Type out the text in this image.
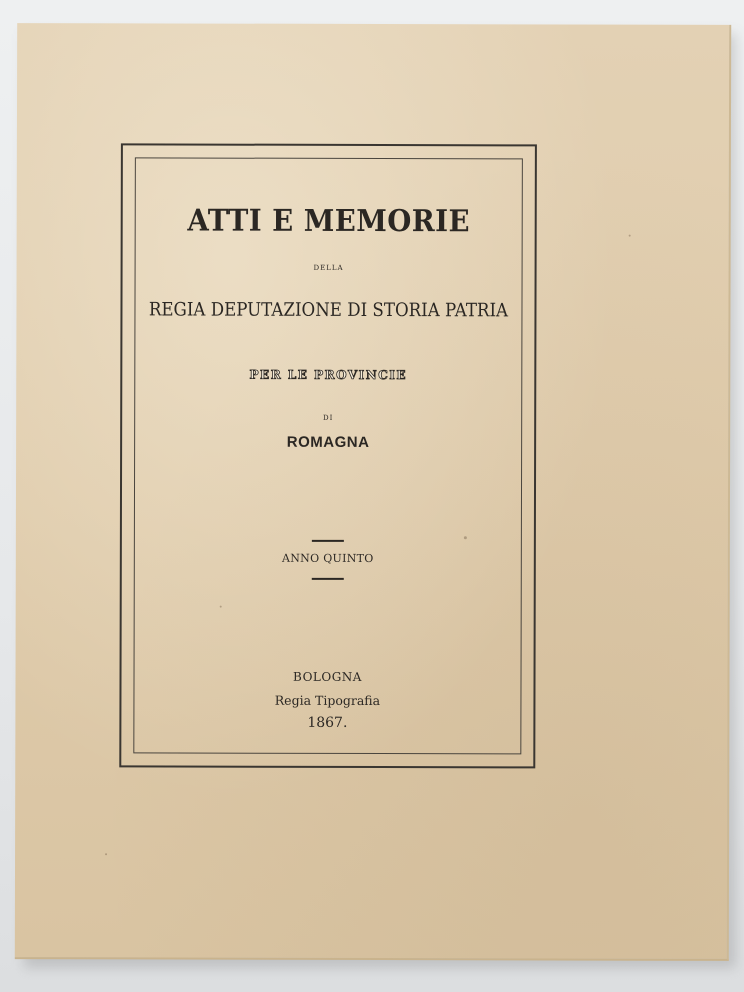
ATTI E MEMORIE
DELLA
REGIA DEPUTAZIONE DI STORIA PATRIA
PER LE PROVINCIE
DI
ROMAGNA
ANNO QUINTO
BOLOGNA
Regia Tipografia
1867.
